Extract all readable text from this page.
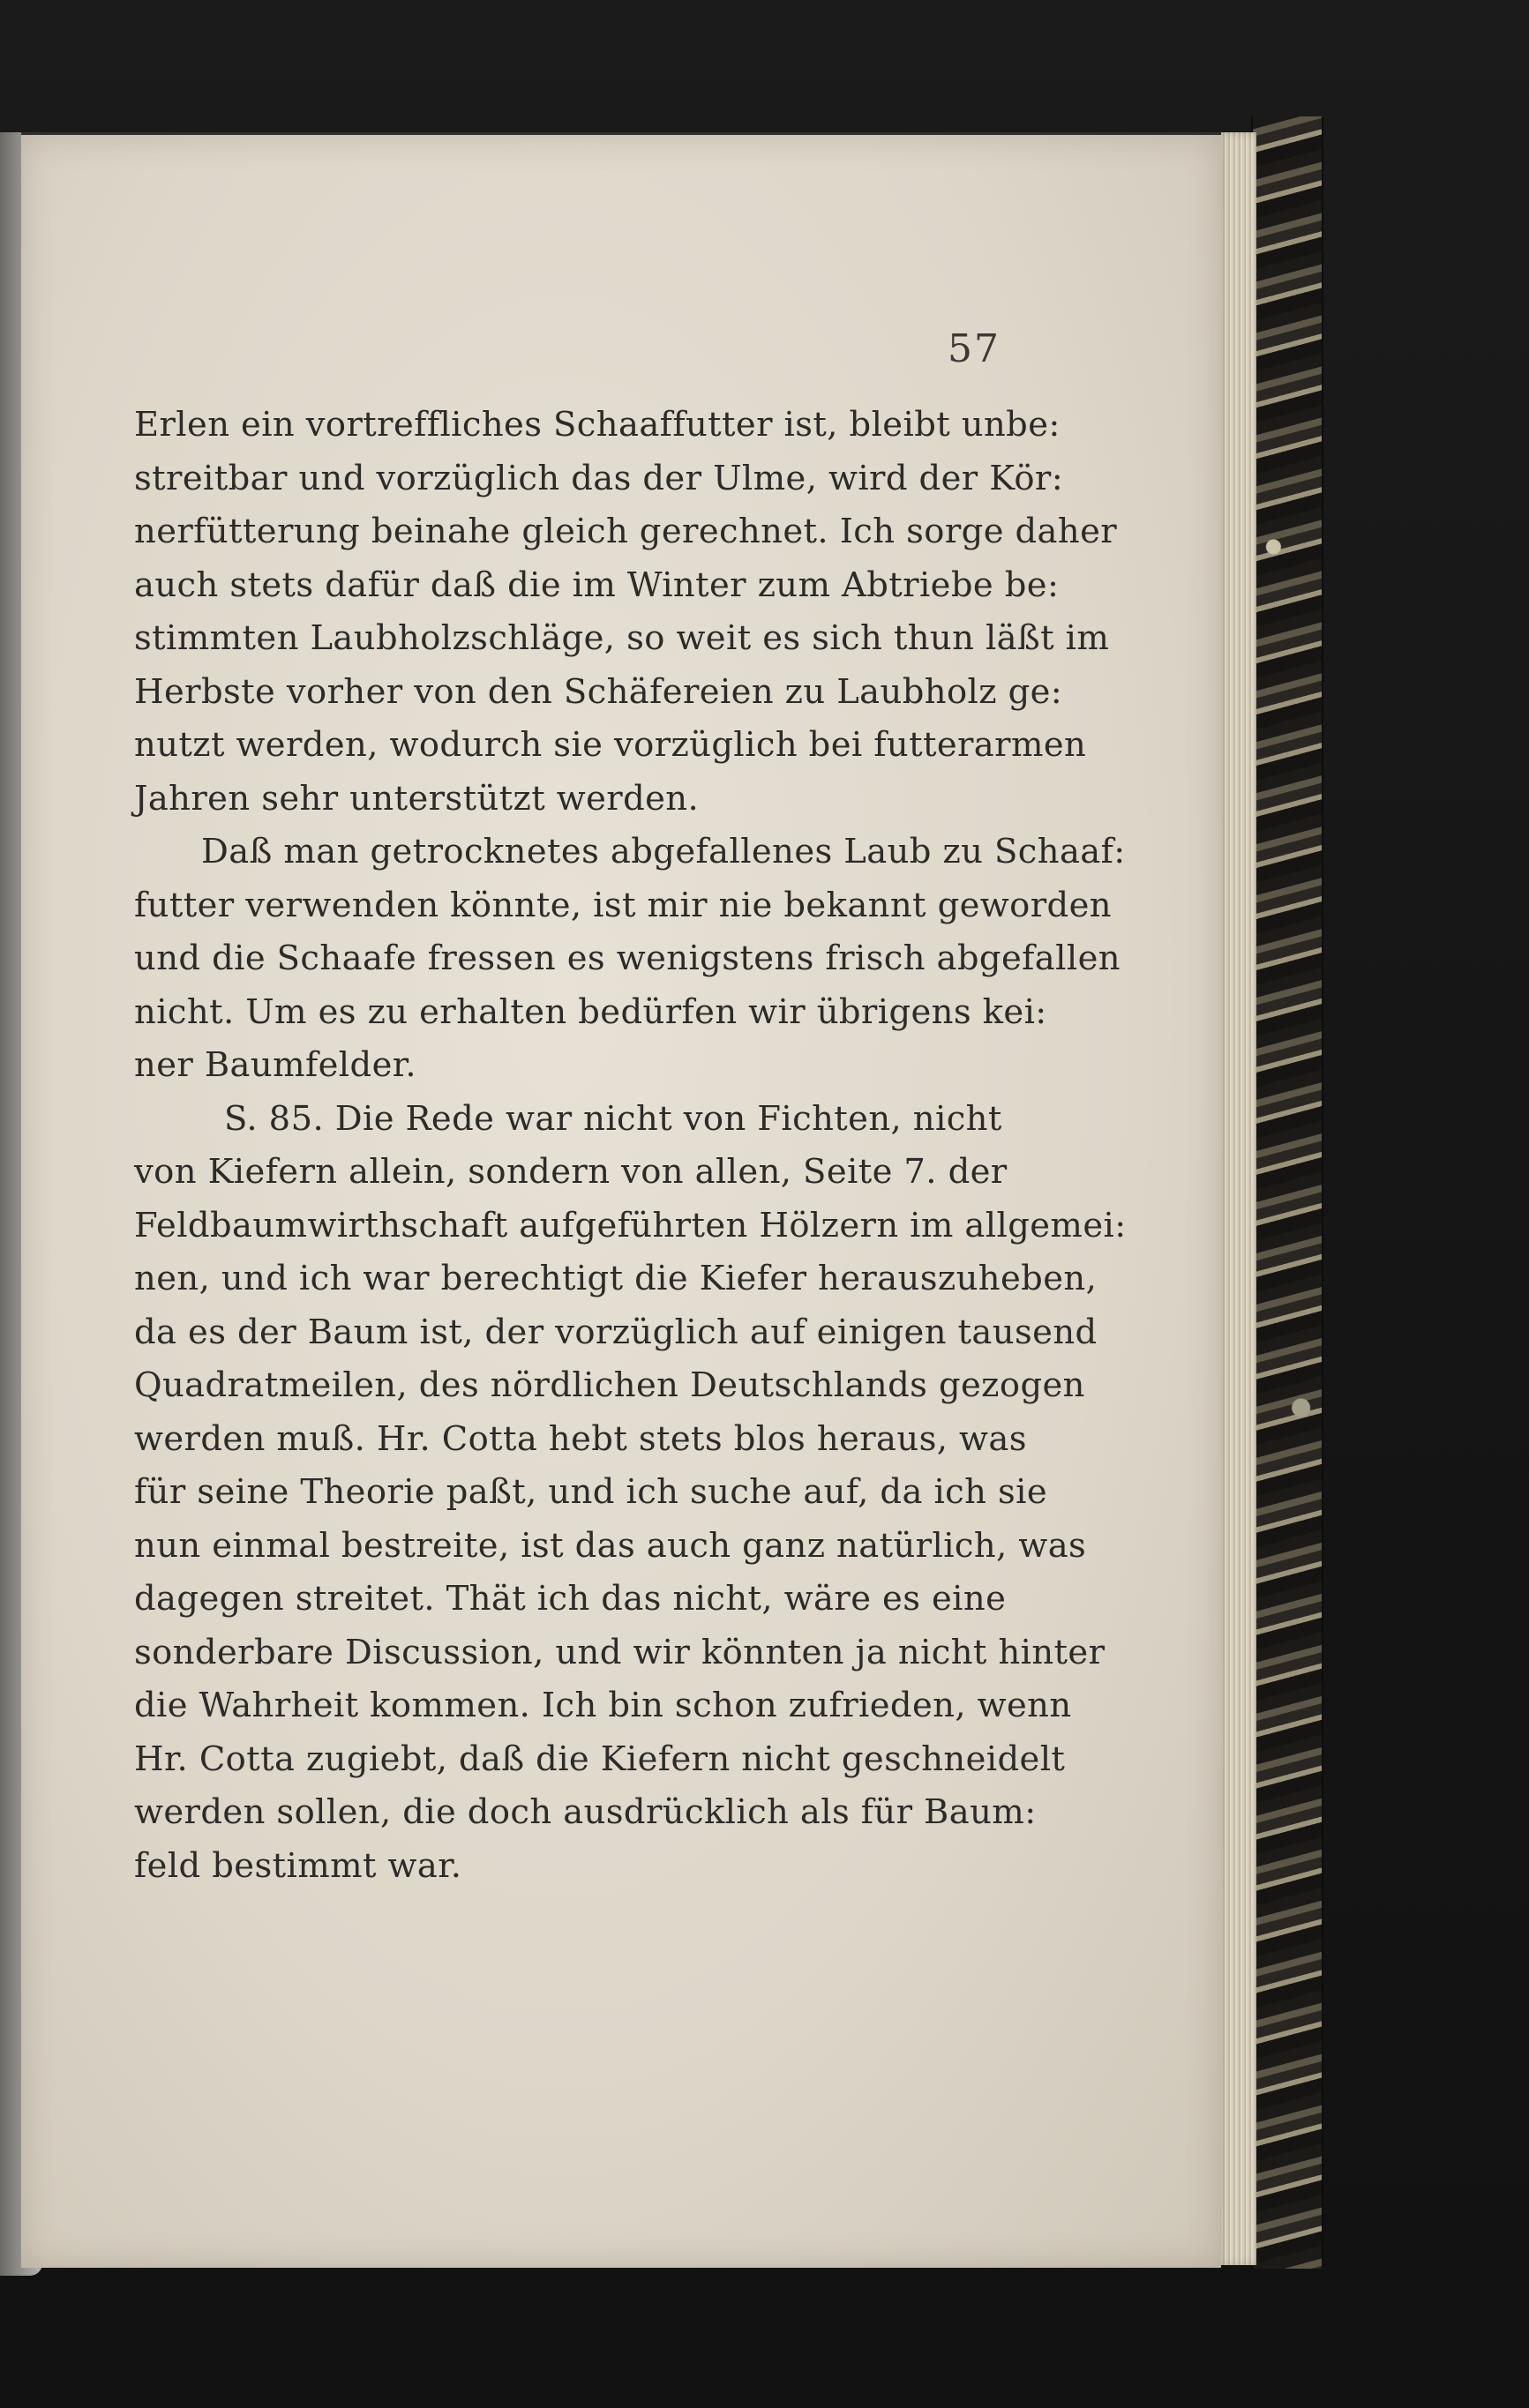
57
Erlen ein vortreffliches Schaaffutter ist, bleibt unbe:
streitbar und vorzüglich das der Ulme, wird der Kör:
nerfütterung beinahe gleich gerechnet. Ich sorge daher
auch stets dafür daß die im Winter zum Abtriebe be:
stimmten Laubholzschläge, so weit es sich thun läßt im
Herbste vorher von den Schäfereien zu Laubholz ge:
nutzt werden, wodurch sie vorzüglich bei futterarmen
Jahren sehr unterstützt werden.
Daß man getrocknetes abgefallenes Laub zu Schaaf:
futter verwenden könnte, ist mir nie bekannt geworden
und die Schaafe fressen es wenigstens frisch abgefallen
nicht. Um es zu erhalten bedürfen wir übrigens kei:
ner Baumfelder.
S. 85. Die Rede war nicht von Fichten, nicht
von Kiefern allein, sondern von allen, Seite 7. der
Feldbaumwirthschaft aufgeführten Hölzern im allgemei:
nen, und ich war berechtigt die Kiefer herauszuheben,
da es der Baum ist, der vorzüglich auf einigen tausend
Quadratmeilen, des nördlichen Deutschlands gezogen
werden muß. Hr. Cotta hebt stets blos heraus, was
für seine Theorie paßt, und ich suche auf, da ich sie
nun einmal bestreite, ist das auch ganz natürlich, was
dagegen streitet. Thät ich das nicht, wäre es eine
sonderbare Discussion, und wir könnten ja nicht hinter
die Wahrheit kommen. Ich bin schon zufrieden, wenn
Hr. Cotta zugiebt, daß die Kiefern nicht geschneidelt
werden sollen, die doch ausdrücklich als für Baum:
feld bestimmt war.
